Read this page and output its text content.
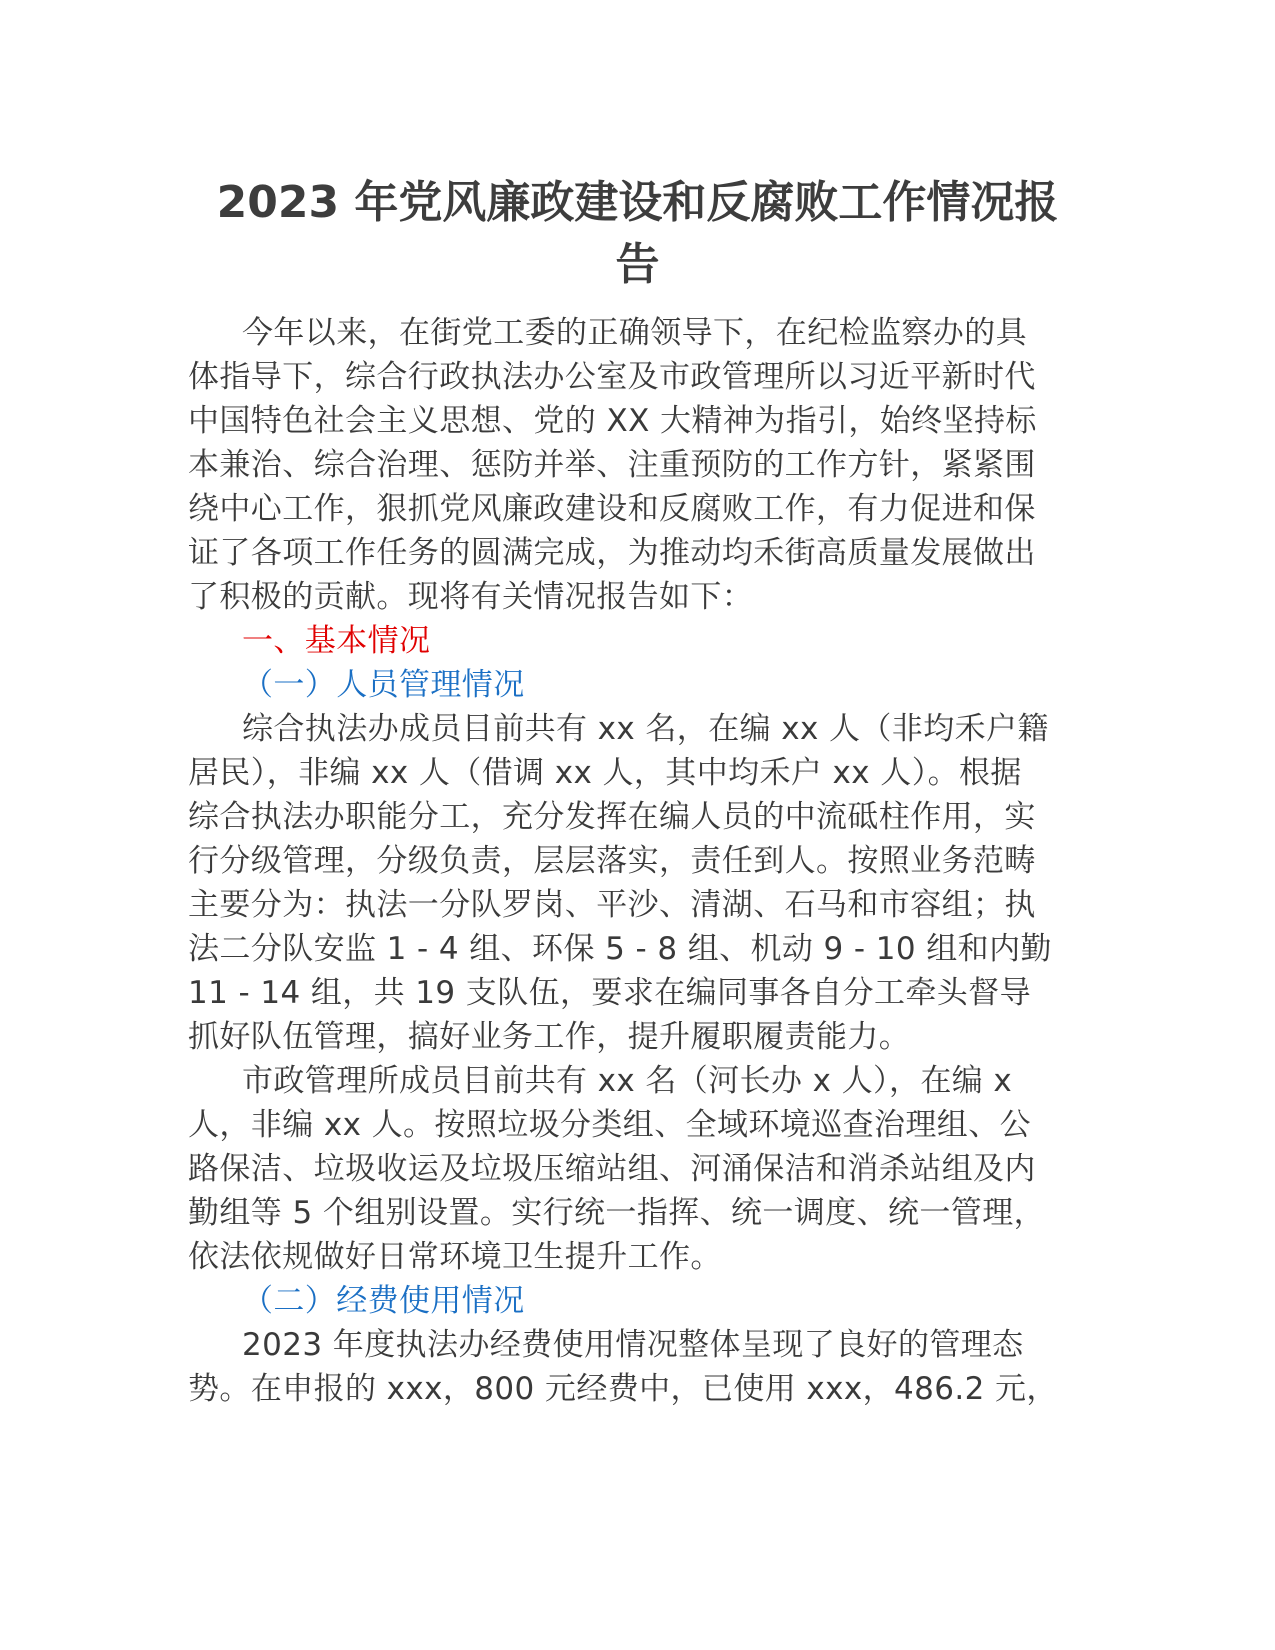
2023 年党风廉政建设和反腐败工作情况报
告
今年以来，在街党工委的正确领导下，在纪检监察办的具
体指导下，综合行政执法办公室及市政管理所以习近平新时代
中国特色社会主义思想、党的 XX 大精神为指引，始终坚持标
本兼治、综合治理、惩防并举、注重预防的工作方针，紧紧围
绕中心工作，狠抓党风廉政建设和反腐败工作，有力促进和保
证了各项工作任务的圆满完成，为推动均禾街高质量发展做出
了积极的贡献。现将有关情况报告如下：
一、基本情况
（一）人员管理情况
综合执法办成员目前共有 xx 名，在编 xx 人（非均禾户籍
居民），非编 xx 人（借调 xx 人，其中均禾户 xx 人）。根据
综合执法办职能分工，充分发挥在编人员的中流砥柱作用，实
行分级管理，分级负责，层层落实，责任到人。按照业务范畴
主要分为：执法一分队罗岗、平沙、清湖、石马和市容组；执
法二分队安监 1 - 4 组、环保 5 - 8 组、机动 9 - 10 组和内勤
11 - 14 组，共 19 支队伍，要求在编同事各自分工牵头督导
抓好队伍管理，搞好业务工作，提升履职履责能力。
市政管理所成员目前共有 xx 名（河长办 x 人），在编 x
人，非编 xx 人。按照垃圾分类组、全域环境巡查治理组、公
路保洁、垃圾收运及垃圾压缩站组、河涌保洁和消杀站组及内
勤组等 5 个组别设置。实行统一指挥、统一调度、统一管理，
依法依规做好日常环境卫生提升工作。
（二）经费使用情况
2023 年度执法办经费使用情况整体呈现了良好的管理态
势。在申报的 xxx，800 元经费中，已使用 xxx，486.2 元，
